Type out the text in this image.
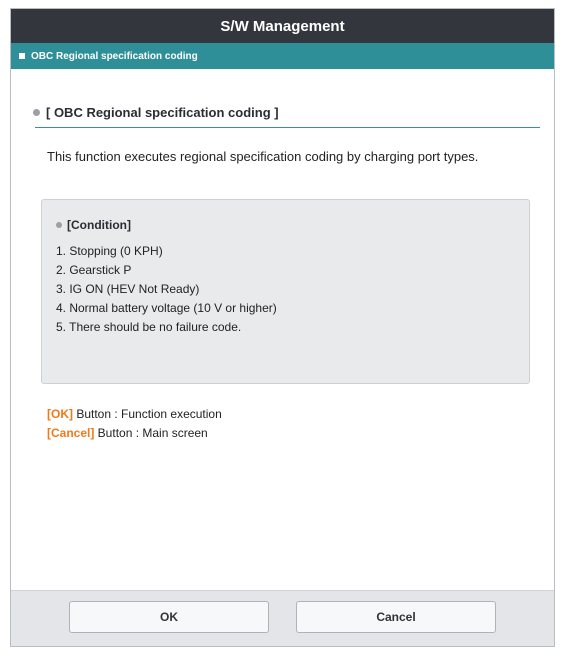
S/W Management
OBC Regional specification coding
[ OBC Regional specification coding ]
This function executes regional specification coding by charging port types.
[Condition]
1. Stopping (0 KPH)
2. Gearstick P
3. IG ON (HEV Not Ready)
4. Normal battery voltage (10 V or higher)
5. There should be no failure code.
[OK] Button : Function execution
[Cancel] Button : Main screen
OK	Cancel
